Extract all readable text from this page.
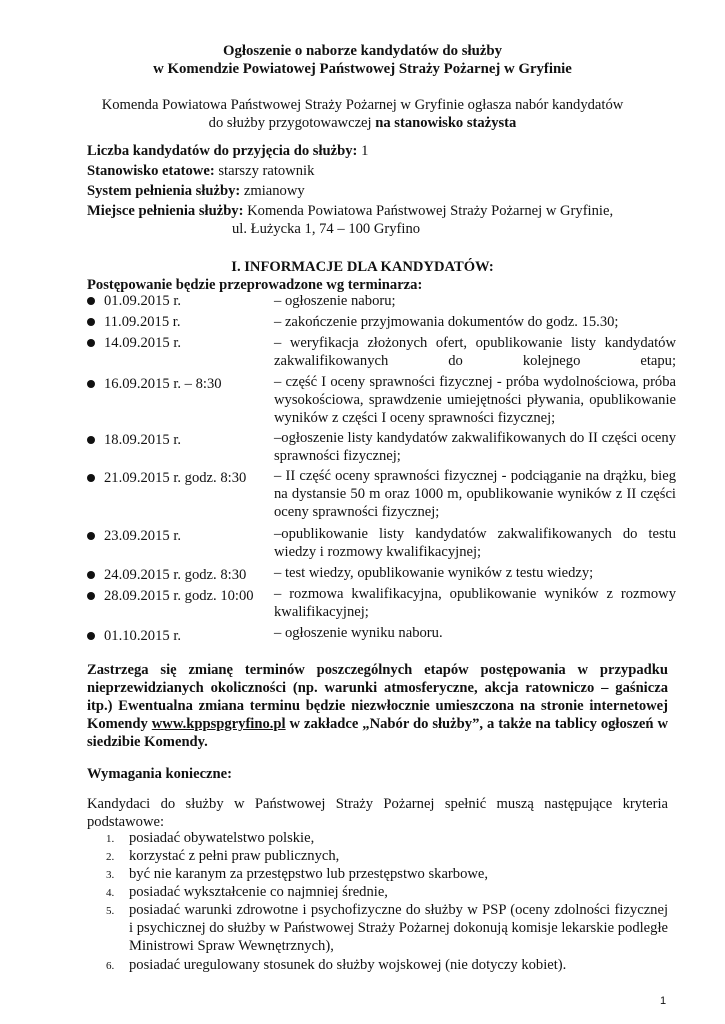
Ogłoszenie o naborze kandydatów do służby
w Komendzie Powiatowej Państwowej Straży Pożarnej w Gryfinie
Komenda Powiatowa Państwowej Straży Pożarnej w Gryfinie ogłasza nabór kandydatów
do służby przygotowawczej na stanowisko stażysta
Liczba kandydatów do przyjęcia do służby: 1
Stanowisko etatowe: starszy ratownik
System pełnienia służby: zmianowy
Miejsce pełnienia służby: Komenda Powiatowa Państwowej Straży Pożarnej w Gryfinie,
ul. Łużycka 1, 74 – 100 Gryfino
I. INFORMACJE DLA KANDYDATÓW:
Postępowanie będzie przeprowadzone wg terminarza:
01.09.2015 r.	– ogłoszenie naboru;
11.09.2015 r.	– zakończenie przyjmowania dokumentów do godz. 15.30;
14.09.2015 r.	– weryfikacja złożonych ofert, opublikowanie listy kandydatów zakwalifikowanych do kolejnego etapu;
16.09.2015 r. – 8:30	– część I oceny sprawności fizycznej - próba wydolnościowa, próba wysokościowa, sprawdzenie umiejętności pływania, opublikowanie wyników z części I oceny sprawności fizycznej;
18.09.2015 r.	–ogłoszenie listy kandydatów zakwalifikowanych do II części oceny sprawności fizycznej;
21.09.2015 r. godz. 8:30 – II część oceny sprawności fizycznej - podciąganie na drążku, bieg na dystansie 50 m oraz 1000 m, opublikowanie wyników z II części oceny sprawności fizycznej;
23.09.2015 r.	–opublikowanie listy kandydatów zakwalifikowanych do testu wiedzy i rozmowy kwalifikacyjnej;
24.09.2015 r. godz. 8:30 – test wiedzy, opublikowanie wyników z testu wiedzy;
28.09.2015 r. godz. 10:00 – rozmowa kwalifikacyjna, opublikowanie wyników z rozmowy kwalifikacyjnej;
01.10.2015 r.	– ogłoszenie wyniku naboru.
Zastrzega się zmianę terminów poszczególnych etapów postępowania w przypadku nieprzewidzianych okoliczności (np. warunki atmosferyczne, akcja ratowniczo – gaśnicza itp.) Ewentualna zmiana terminu będzie niezwłocznie umieszczona na stronie internetowej Komendy www.kppspgryfino.pl w zakładce „Nabór do służby”, a także na tablicy ogłoszeń w siedzibie Komendy.
Wymagania konieczne:
Kandydaci do służby w Państwowej Straży Pożarnej spełnić muszą następujące kryteria podstawowe:
1. posiadać obywatelstwo polskie,
2. korzystać z pełni praw publicznych,
3. być nie karanym za przestępstwo lub przestępstwo skarbowe,
4. posiadać wykształcenie co najmniej średnie,
5. posiadać warunki zdrowotne i psychofizyczne do służby w PSP (oceny zdolności fizycznej i psychicznej do służby w Państwowej Straży Pożarnej dokonują komisje lekarskie podległe Ministrowi Spraw Wewnętrznych),
6. posiadać uregulowany stosunek do służby wojskowej (nie dotyczy kobiet).
1
